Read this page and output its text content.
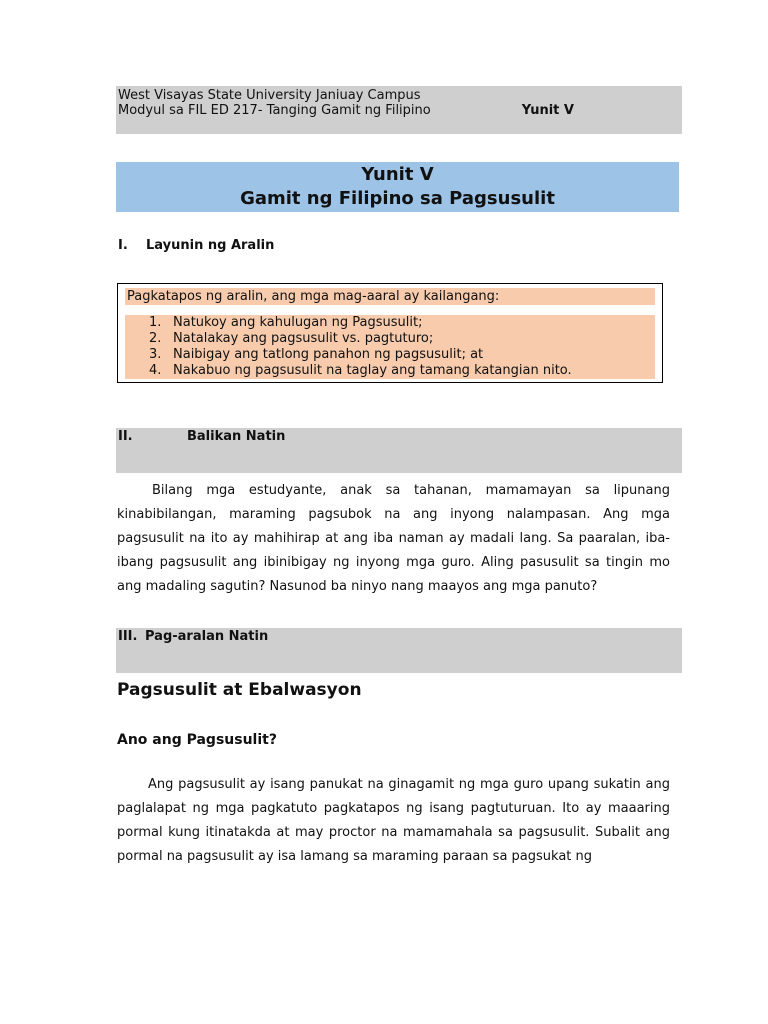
West Visayas State University Janiuay Campus
Modyul sa FIL ED 217- Tanging Gamit ng Filipino	Yunit V
Yunit V
Gamit ng Filipino sa Pagsusulit
I. Layunin ng Aralin
Pagkatapos ng aralin, ang mga mag-aaral ay kailangang:
1. Natukoy ang kahulugan ng Pagsusulit;
2. Natalakay ang pagsusulit vs. pagtuturo;
3. Naibigay ang tatlong panahon ng pagsusulit; at
4. Nakabuo ng pagsusulit na taglay ang tamang katangian nito.
II.	Balikan Natin

Bilang mga estudyante, anak sa tahanan, mamamayan sa lipunang kinabibilangan, maraming pagsubok na ang inyong nalampasan. Ang mga pagsusulit na ito ay mahihirap at ang iba naman ay madali lang. Sa paaralan, iba-ibang pagsusulit ang ibinibigay ng inyong mga guro. Aling pasusulit sa tingin mo ang madaling sagutin? Nasunod ba ninyo nang maayos ang mga panuto?

III. Pag-aralan Natin
Pagsusulit at Ebalwasyon
Ano ang Pagsusulit?

Ang pagsusulit ay isang panukat na ginagamit ng mga guro upang sukatin ang paglalapat ng mga pagkatuto pagkatapos ng isang pagtuturuan. Ito ay maaaring pormal kung itinatakda at may proctor na mamamahala sa pagsusulit. Subalit ang pormal na pagsusulit ay isa lamang sa maraming paraan sa pagsukat ng
